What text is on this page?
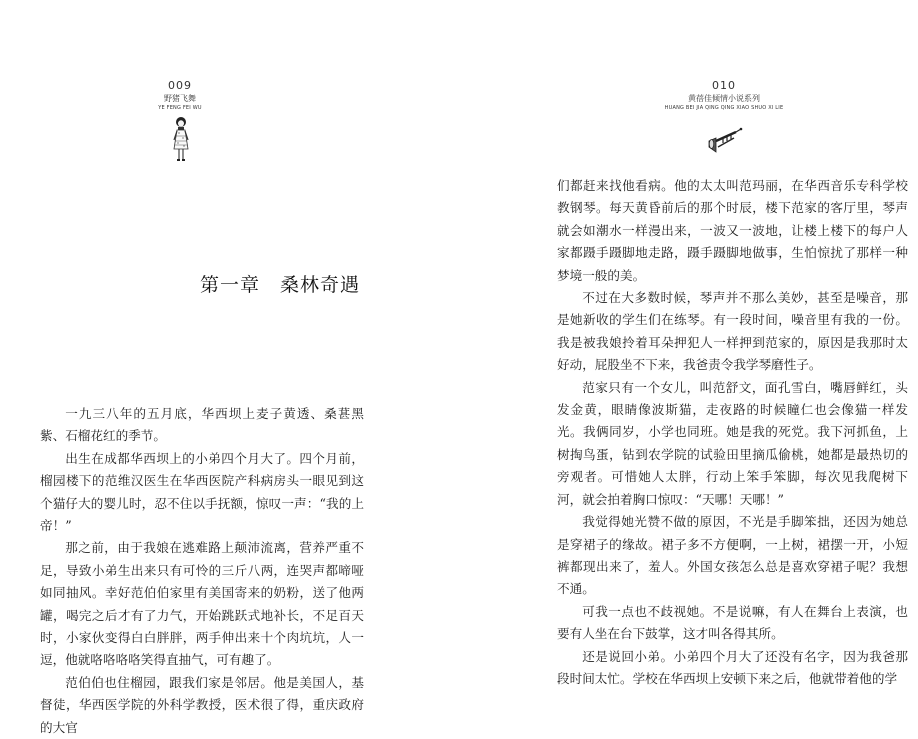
009
野猪飞舞
YE FENG FEI WU
第一章　桑林奇遇

一九三八年的五月底，华西坝上麦子黄透、桑葚黑紫、石榴花红的季节。

出生在成都华西坝上的小弟四个月大了。四个月前，榴园楼下的范维汉医生在华西医院产科病房头一眼见到这个猫仔大的婴儿时，忍不住以手抚额，惊叹一声：“我的上帝！”

那之前，由于我娘在逃难路上颠沛流离，营养严重不足，导致小弟生出来只有可怜的三斤八两，连哭声都啼哑如同抽风。幸好范伯伯家里有美国寄来的奶粉，送了他两罐，喝完之后才有了力气，开始跳跃式地补长，不足百天时，小家伙变得白白胖胖，两手伸出来十个肉坑坑，人一逗，他就咯咯咯咯笑得直抽气，可有趣了。

范伯伯也住榴园，跟我们家是邻居。他是美国人，基督徒，华西医学院的外科学教授，医术很了得，重庆政府的大官

010
黄蓓佳倾情小说系列
HUANG BEI JIA QING QING XIAO SHUO XI LIE

们都赶来找他看病。他的太太叫范玛丽，在华西音乐专科学校教钢琴。每天黄昏前后的那个时辰，楼下范家的客厅里，琴声就会如潮水一样漫出来，一波又一波地，让楼上楼下的每户人家都蹑手蹑脚地走路，蹑手蹑脚地做事，生怕惊扰了那样一种梦境一般的美。

不过在大多数时候，琴声并不那么美妙，甚至是噪音，那是她新收的学生们在练琴。有一段时间，噪音里有我的一份。我是被我娘拎着耳朵押犯人一样押到范家的，原因是我那时太好动，屁股坐不下来，我爸责令我学琴磨性子。

范家只有一个女儿，叫范舒文，面孔雪白，嘴唇鲜红，头发金黄，眼睛像波斯猫，走夜路的时候瞳仁也会像猫一样发光。我俩同岁，小学也同班。她是我的死党。我下河抓鱼，上树掏鸟蛋，钻到农学院的试验田里摘瓜偷桃，她都是最热切的旁观者。可惜她人太胖，行动上笨手笨脚，每次见我爬树下河，就会拍着胸口惊叹：“天哪！天哪！”

我觉得她光赞不做的原因，不光是手脚笨拙，还因为她总是穿裙子的缘故。裙子多不方便啊，一上树，裙摆一开，小短裤都现出来了，羞人。外国女孩怎么总是喜欢穿裙子呢？我想不通。

可我一点也不歧视她。不是说嘛，有人在舞台上表演，也要有人坐在台下鼓掌，这才叫各得其所。

还是说回小弟。小弟四个月大了还没有名字，因为我爸那段时间太忙。学校在华西坝上安顿下来之后，他就带着他的学
